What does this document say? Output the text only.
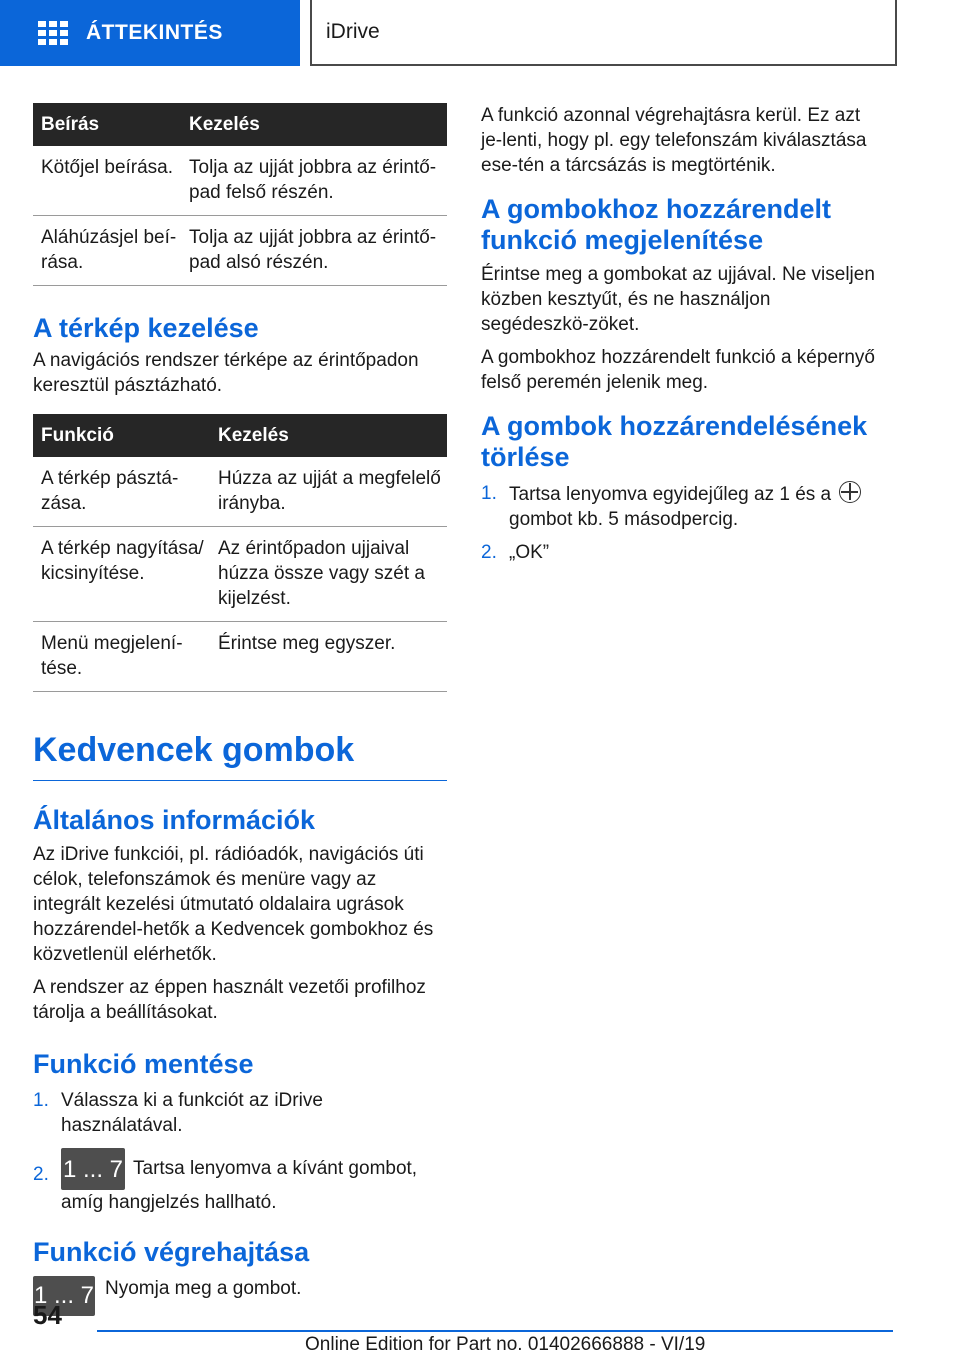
ÁTTEKINTÉS	iDrive
Beírás	Kezelés
Kötőjel beírása.	Tolja az ujját jobbra az érintő-pad felső részén.
Aláhúzásjel beí-rása.	Tolja az ujját jobbra az érintő-pad alsó részén.
A térkép kezelése

A navigációs rendszer térképe az érintőpadon keresztül pásztázható.

Funkció	Kezelés
A térkép pásztá-zása.	Húzza az ujját a megfelelő irányba.
A térkép nagyítása/ kicsinyítése.	Az érintőpadon ujjaival húzza össze vagy szét a kijelzést.
Menü megjelení-tése.	Érintse meg egyszer.
Kedvencek gombok
Általános információk

Az iDrive funkciói, pl. rádióadók, navigációs úti célok, telefonszámok és menüre vagy az integrált kezelési útmutató oldalaira ugrások hozzárendel-hetők a Kedvencek gombokhoz és közvetlenül elérhetők.

A rendszer az éppen használt vezetői profilhoz tárolja a beállításokat.

Funkció mentése
1. Válassza ki a funkciót az iDrive használatával.
2. 1 ... 7 Tartsa lenyomva a kívánt gombot, amíg hangjelzés hallható.
Funkció végrehajtása
1 ... 7 Nyomja meg a gombot.

A funkció azonnal végrehajtásra kerül. Ez azt je-lenti, hogy pl. egy telefonszám kiválasztása ese-tén a tárcsázás is megtörténik.

A gombokhoz hozzárendelt funkció megjelenítése

Érintse meg a gombokat az ujjával. Ne viseljen közben kesztyűt, és ne használjon segédeszkö-zöket.

A gombokhoz hozzárendelt funkció a képernyő felső peremén jelenik meg.

A gombok hozzárendelésének törlése
1. Tartsa lenyomva egyidejűleg az 1 és a
gombot kb. 5 másodpercig.
2. „OK”
54
Online Edition for Part no. 01402666888 - VI/19
